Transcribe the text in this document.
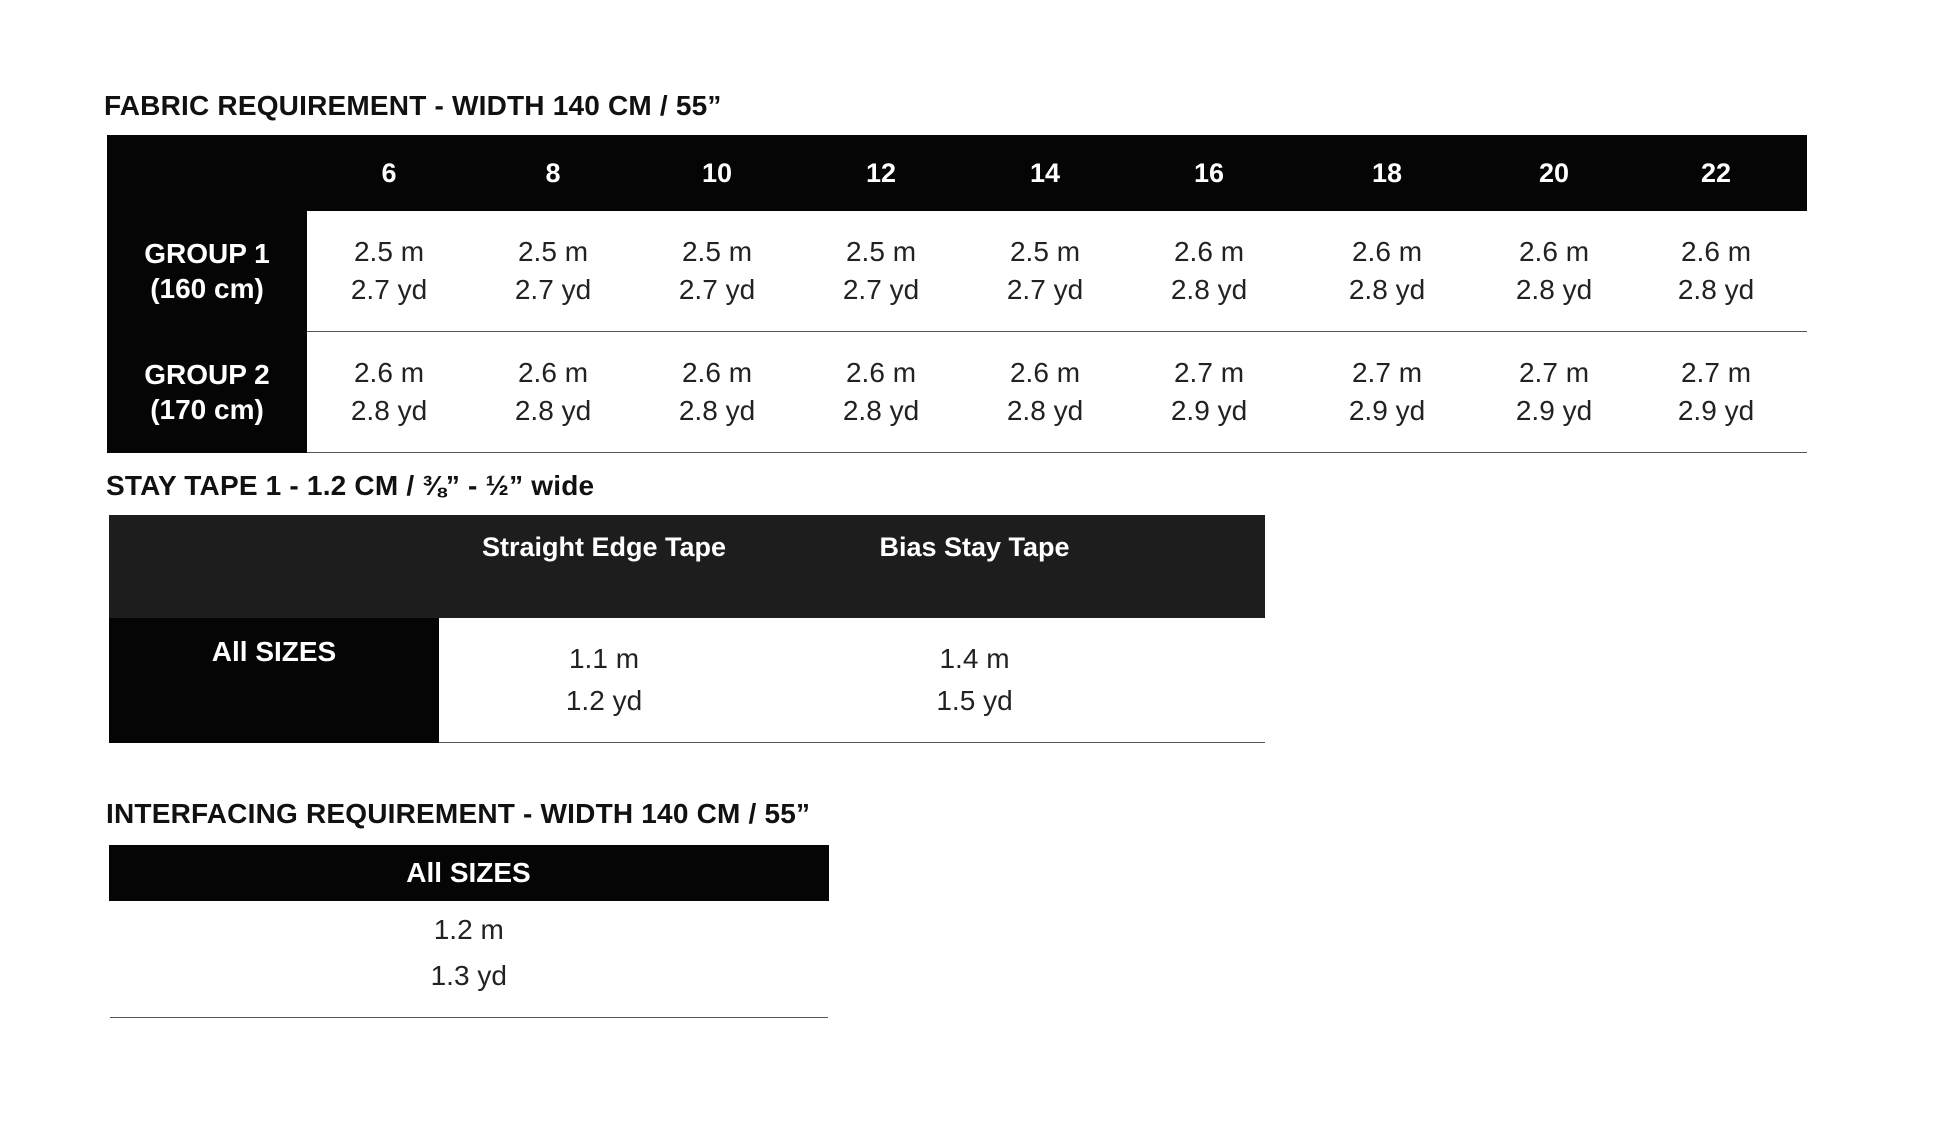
FABRIC REQUIREMENT - WIDTH 140 CM / 55”
	6	8	10	12	14	16	18	20	22

GROUP 1
(160 cm)	2.5 m	2.5 m	2.5 m	2.5 m	2.5 m	2.6 m	2.6 m	2.6 m	2.6 m
	2.7 yd	2.7 yd	2.7 yd	2.7 yd	2.7 yd	2.8 yd	2.8 yd	2.8 yd	2.8 yd

GROUP 2
(170 cm)	2.6 m	2.6 m	2.6 m	2.6 m	2.6 m	2.7 m	2.7 m	2.7 m	2.7 m
	2.8 yd	2.8 yd	2.8 yd	2.8 yd	2.8 yd	2.9 yd	2.9 yd	2.9 yd	2.9 yd
STAY TAPE 1 - 1.2 CM / ⅜” - ½” wide
	Straight Edge Tape	Bias Stay Tape
All SIZES	1.1 m	1.4 m
	1.2 yd	1.5 yd
INTERFACING REQUIREMENT - WIDTH 140 CM / 55”
All SIZES
1.2 m
1.3 yd
